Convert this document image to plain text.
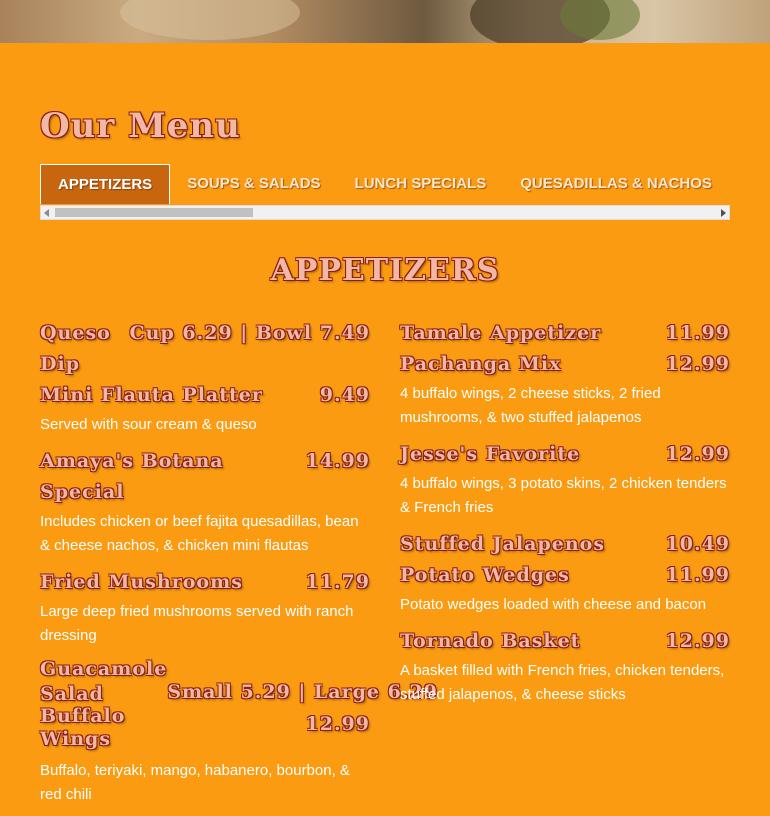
Our Menu
APPETIZERS SOUPS & SALADS LUNCH SPECIALS QUESADILLAS & NACHOS
APPETIZERS
Queso Dip
Cup 6.29 | Bowl 7.49
Mini Flauta Platter	9.49

Served with sour cream & queso

Amaya's Botana Special
14.99

Includes chicken or beef fajita quesadillas, bean & cheese nachos, & chicken mini flautas

Fried Mushrooms	11.79

Large deep fried mushrooms served with ranch dressing

Guacamole Salad	Small 5.29 | Large 6.29
Buffalo Wings
12.99

Buffalo, teriyaki, mango, habanero, bourbon, & red chili

Tamale Appetizer	11.99
Pachanga Mix	12.99

4 buffalo wings, 2 cheese sticks, 2 fried mushrooms, & two stuffed jalapenos

Jesse's Favorite	12.99

4 buffalo wings, 3 potato skins, 2 chicken tenders & French fries

Stuffed Jalapenos	10.49
Potato Wedges	11.99

Potato wedges loaded with cheese and bacon

Tornado Basket	12.99

A basket filled with French fries, chicken tenders, stuffed jalapenos, & cheese sticks
